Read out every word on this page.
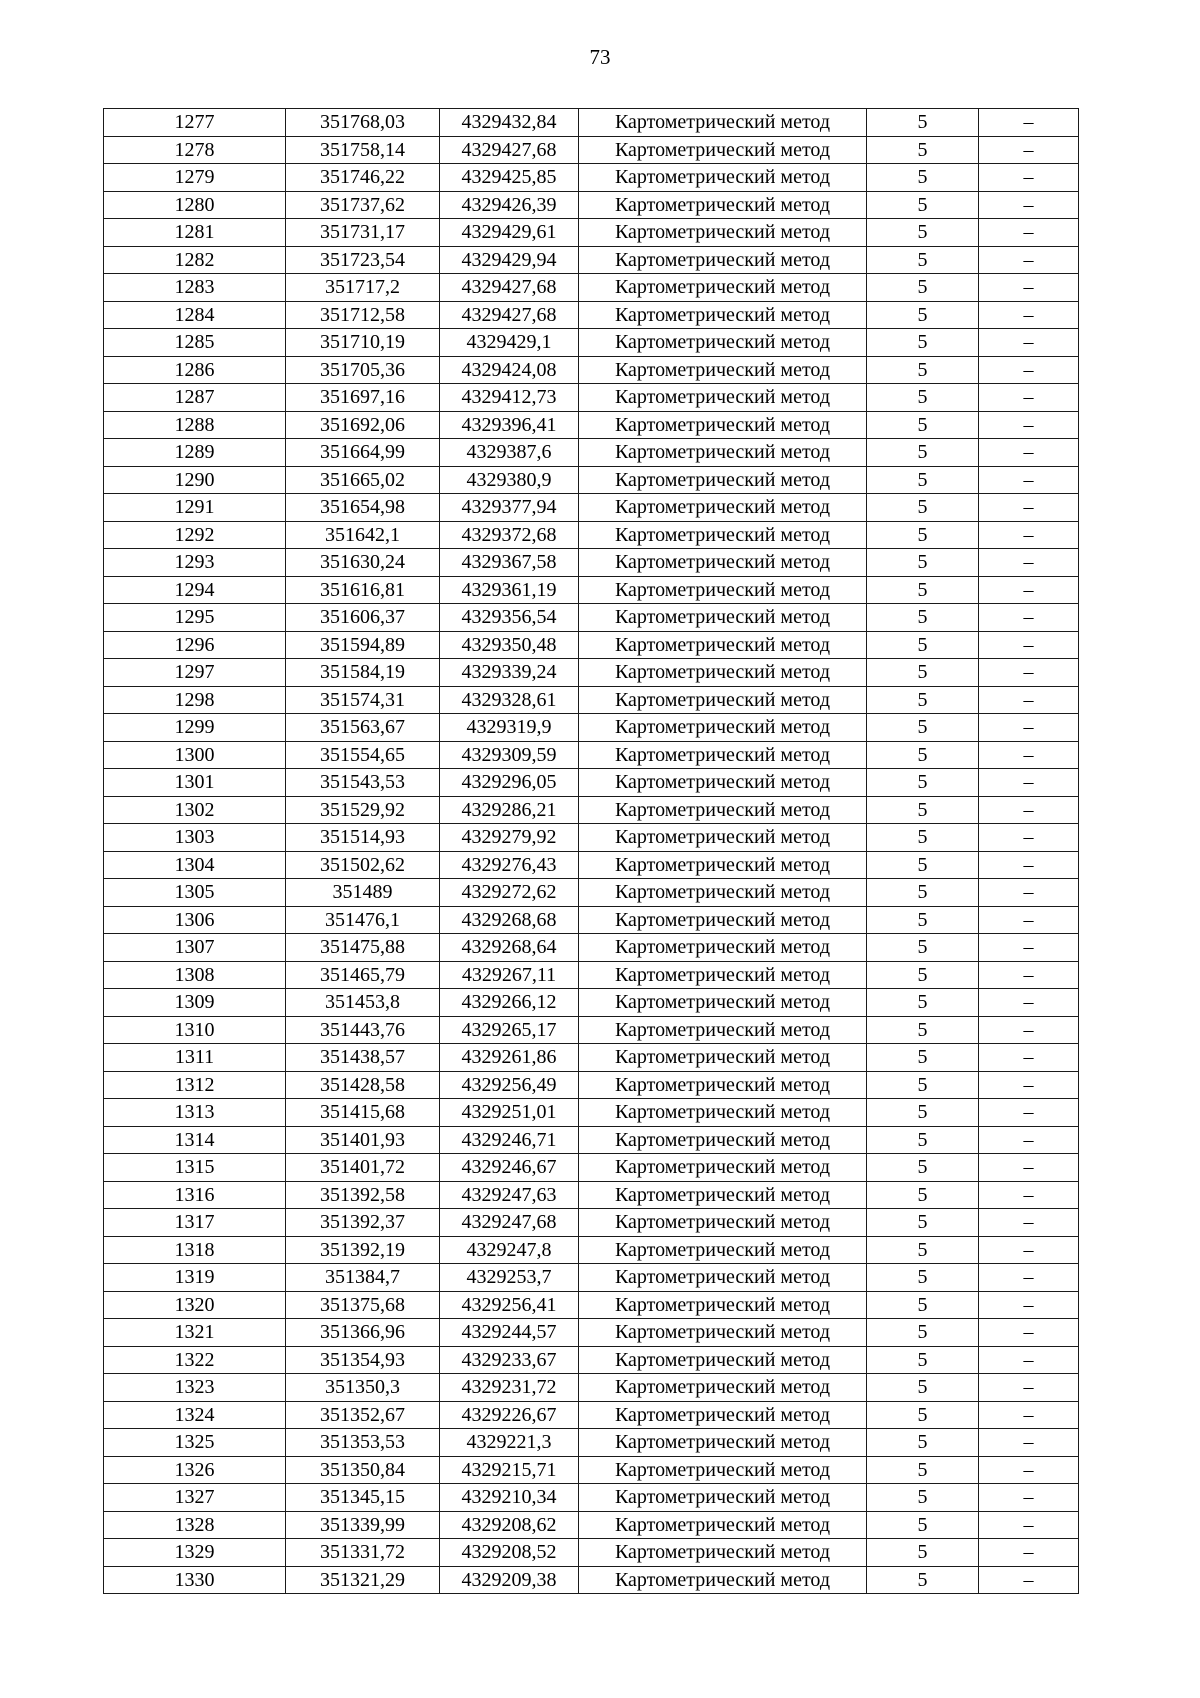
73
1277	351768,03	4329432,84	Картометрический метод	5	–
1278	351758,14	4329427,68	Картометрический метод	5	–
1279	351746,22	4329425,85	Картометрический метод	5	–
1280	351737,62	4329426,39	Картометрический метод	5	–
1281	351731,17	4329429,61	Картометрический метод	5	–
1282	351723,54	4329429,94	Картометрический метод	5	–
1283	351717,2	4329427,68	Картометрический метод	5	–
1284	351712,58	4329427,68	Картометрический метод	5	–
1285	351710,19	4329429,1	Картометрический метод	5	–
1286	351705,36	4329424,08	Картометрический метод	5	–
1287	351697,16	4329412,73	Картометрический метод	5	–
1288	351692,06	4329396,41	Картометрический метод	5	–
1289	351664,99	4329387,6	Картометрический метод	5	–
1290	351665,02	4329380,9	Картометрический метод	5	–
1291	351654,98	4329377,94	Картометрический метод	5	–
1292	351642,1	4329372,68	Картометрический метод	5	–
1293	351630,24	4329367,58	Картометрический метод	5	–
1294	351616,81	4329361,19	Картометрический метод	5	–
1295	351606,37	4329356,54	Картометрический метод	5	–
1296	351594,89	4329350,48	Картометрический метод	5	–
1297	351584,19	4329339,24	Картометрический метод	5	–
1298	351574,31	4329328,61	Картометрический метод	5	–
1299	351563,67	4329319,9	Картометрический метод	5	–
1300	351554,65	4329309,59	Картометрический метод	5	–
1301	351543,53	4329296,05	Картометрический метод	5	–
1302	351529,92	4329286,21	Картометрический метод	5	–
1303	351514,93	4329279,92	Картометрический метод	5	–
1304	351502,62	4329276,43	Картометрический метод	5	–
1305	351489	4329272,62	Картометрический метод	5	–
1306	351476,1	4329268,68	Картометрический метод	5	–
1307	351475,88	4329268,64	Картометрический метод	5	–
1308	351465,79	4329267,11	Картометрический метод	5	–
1309	351453,8	4329266,12	Картометрический метод	5	–
1310	351443,76	4329265,17	Картометрический метод	5	–
1311	351438,57	4329261,86	Картометрический метод	5	–
1312	351428,58	4329256,49	Картометрический метод	5	–
1313	351415,68	4329251,01	Картометрический метод	5	–
1314	351401,93	4329246,71	Картометрический метод	5	–
1315	351401,72	4329246,67	Картометрический метод	5	–
1316	351392,58	4329247,63	Картометрический метод	5	–
1317	351392,37	4329247,68	Картометрический метод	5	–
1318	351392,19	4329247,8	Картометрический метод	5	–
1319	351384,7	4329253,7	Картометрический метод	5	–
1320	351375,68	4329256,41	Картометрический метод	5	–
1321	351366,96	4329244,57	Картометрический метод	5	–
1322	351354,93	4329233,67	Картометрический метод	5	–
1323	351350,3	4329231,72	Картометрический метод	5	–
1324	351352,67	4329226,67	Картометрический метод	5	–
1325	351353,53	4329221,3	Картометрический метод	5	–
1326	351350,84	4329215,71	Картометрический метод	5	–
1327	351345,15	4329210,34	Картометрический метод	5	–
1328	351339,99	4329208,62	Картометрический метод	5	–
1329	351331,72	4329208,52	Картометрический метод	5	–
1330	351321,29	4329209,38	Картометрический метод	5	–
